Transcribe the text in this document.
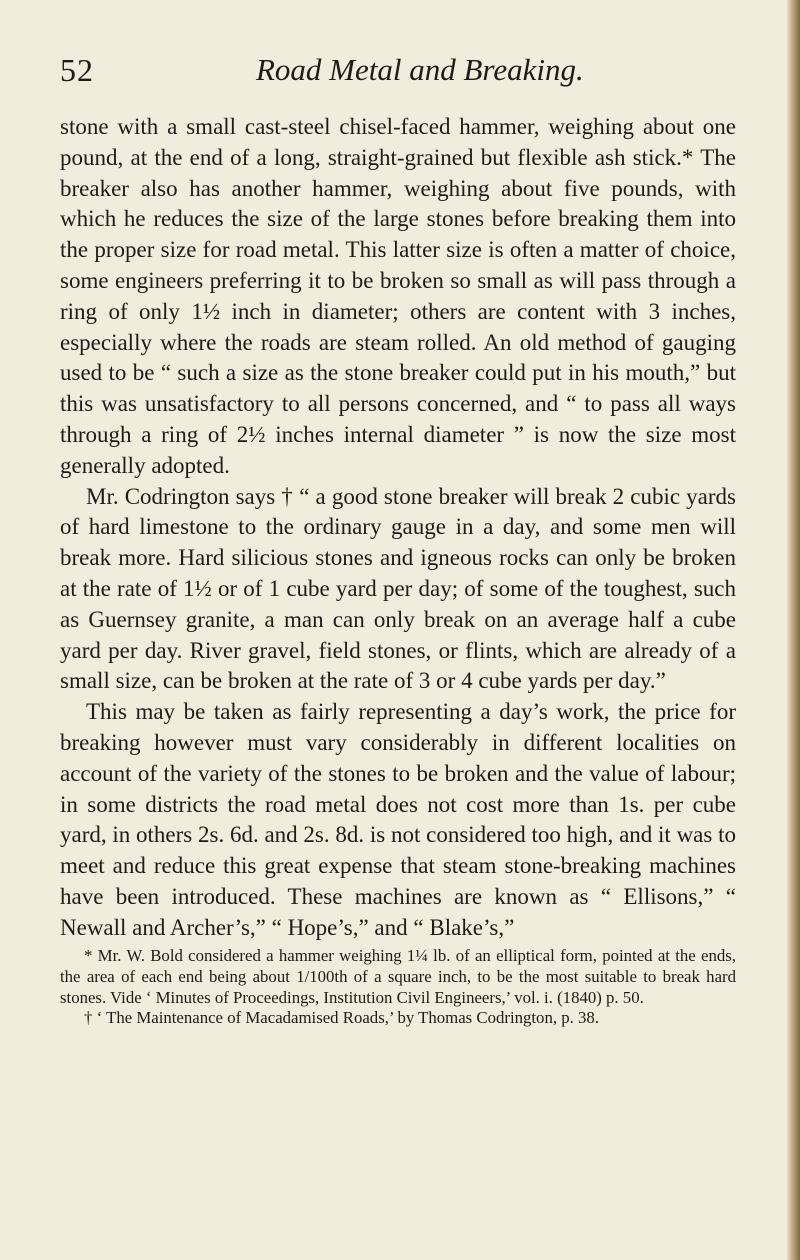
52	Road Metal and Breaking.

stone with a small cast-steel chisel-faced hammer, weighing about one pound, at the end of a long, straight-grained but flexible ash stick.* The breaker also has another hammer, weighing about five pounds, with which he reduces the size of the large stones before breaking them into the proper size for road metal. This latter size is often a matter of choice, some engineers preferring it to be broken so small as will pass through a ring of only 1½ inch in diameter; others are content with 3 inches, especially where the roads are steam rolled. An old method of gauging used to be “ such a size as the stone breaker could put in his mouth,” but this was unsatisfactory to all persons concerned, and “ to pass all ways through a ring of 2½ inches internal diameter ” is now the size most generally adopted.

Mr. Codrington says † “ a good stone breaker will break 2 cubic yards of hard limestone to the ordinary gauge in a day, and some men will break more. Hard silicious stones and igneous rocks can only be broken at the rate of 1½ or of 1 cube yard per day; of some of the toughest, such as Guernsey granite, a man can only break on an average half a cube yard per day. River gravel, field stones, or flints, which are already of a small size, can be broken at the rate of 3 or 4 cube yards per day.”

This may be taken as fairly representing a day’s work, the price for breaking however must vary considerably in different localities on account of the variety of the stones to be broken and the value of labour; in some districts the road metal does not cost more than 1s. per cube yard, in others 2s. 6d. and 2s. 8d. is not considered too high, and it was to meet and reduce this great expense that steam stone-breaking machines have been introduced. These machines are known as “ Ellisons,” “ Newall and Archer’s,” “ Hope’s,” and “ Blake’s,”

* Mr. W. Bold considered a hammer weighing 1¼ lb. of an elliptical form, pointed at the ends, the area of each end being about 1/100th of a square inch, to be the most suitable to break hard stones. Vide ‘ Minutes of Proceedings, Institution Civil Engineers,’ vol. i. (1840) p. 50.

† ‘ The Maintenance of Macadamised Roads,’ by Thomas Codrington, p. 38.
